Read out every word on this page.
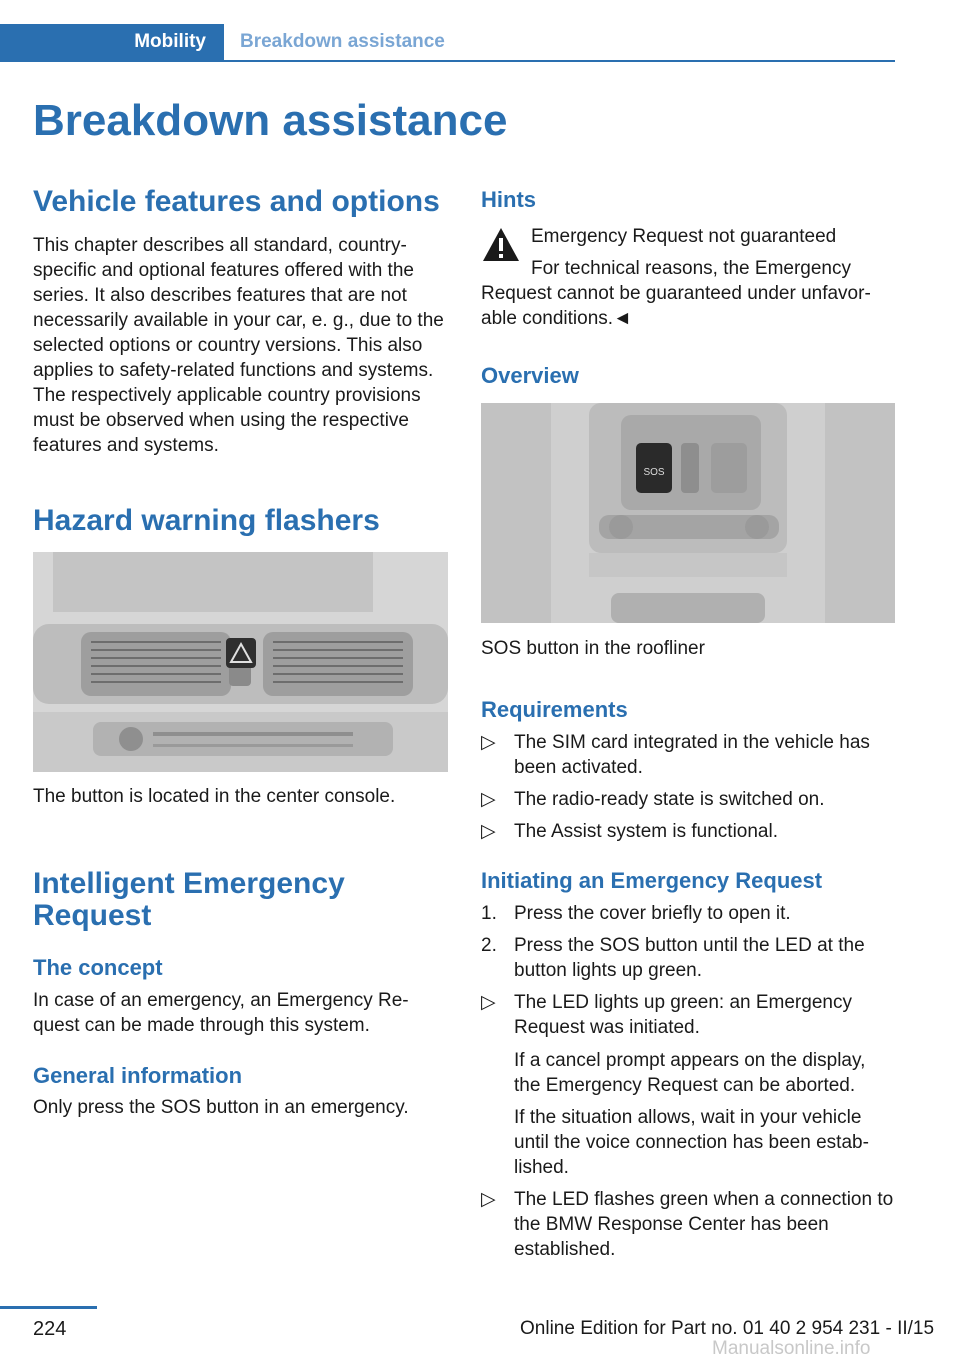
Mobility	Breakdown assistance
Breakdown assistance
Vehicle features and options

This chapter describes all standard, country-specific and optional features offered with the series. It also describes features that are not necessarily available in your car, e. g., due to the selected options or country versions. This also applies to safety-related functions and systems. The respectively applicable country provisions must be observed when using the respective features and systems.

Hazard warning flashers

The button is located in the center console.

Intelligent Emergency Request
The concept

In case of an emergency, an Emergency Re-quest can be made through this system.

General information

Only press the SOS button in an emergency.

Hints

Emergency Request not guaranteed

For technical reasons, the Emergency

Request cannot be guaranteed under unfavor-able conditions.◄

Overview
SOS

SOS button in the roofliner

Requirements
▷ The SIM card integrated in the vehicle has been activated.
▷ The radio-ready state is switched on.
▷ The Assist system is functional.
Initiating an Emergency Request
1. Press the cover briefly to open it.
2. Press the SOS button until the LED at the button lights up green.
▷ The LED lights up green: an Emergency Request was initiated.

If a cancel prompt appears on the display, the Emergency Request can be aborted.

If the situation allows, wait in your vehicle until the voice connection has been estab-lished.

▷ The LED flashes green when a connection to the BMW Response Center has been established.
224	Online Edition for Part no. 01 40 2 954 231 - II/15
Manualsonline.info
